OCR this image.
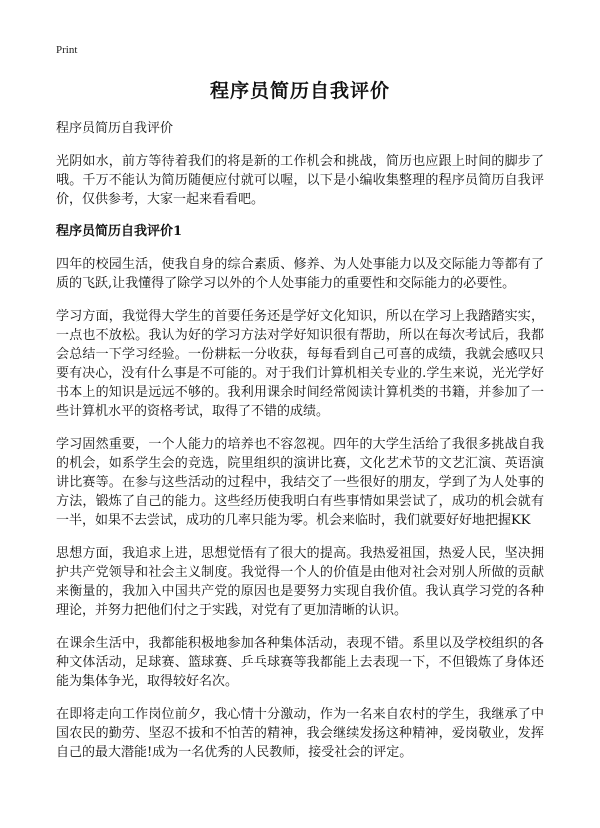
Print
程序员简历自我评价

程序员简历自我评价

光阴如水，前方等待着我们的将是新的工作机会和挑战，简历也应跟上时间的脚步了哦。千万不能认为简历随便应付就可以喔，以下是小编收集整理的程序员简历自我评价，仅供参考，大家一起来看看吧。

程序员简历自我评价1

四年的校园生活，使我自身的综合素质、修养、为人处事能力以及交际能力等都有了质的飞跃,让我懂得了除学习以外的个人处事能力的重要性和交际能力的必要性。

学习方面，我觉得大学生的首要任务还是学好文化知识，所以在学习上我踏踏实实，一点也不放松。我认为好的学习方法对学好知识很有帮助，所以在每次考试后，我都会总结一下学习经验。一份耕耘一分收获，每每看到自己可喜的成绩，我就会感叹只要有决心，没有什么事是不可能的。对于我们计算机相关专业的.学生来说，光光学好书本上的知识是远远不够的。我利用课余时间经常阅读计算机类的书籍，并参加了一些计算机水平的资格考试，取得了不错的成绩。

学习固然重要，一个人能力的培养也不容忽视。四年的大学生活给了我很多挑战自我的机会，如系学生会的竞选，院里组织的演讲比赛，文化艺术节的文艺汇演、英语演讲比赛等。在参与这些活动的过程中，我结交了一些很好的朋友，学到了为人处事的方法，锻炼了自己的能力。这些经历使我明白有些事情如果尝试了，成功的机会就有一半，如果不去尝试，成功的几率只能为零。机会来临时，我们就要好好地把握KK

思想方面，我追求上进，思想觉悟有了很大的提高。我热爱祖国，热爱人民，坚决拥护共产党领导和社会主义制度。我觉得一个人的价值是由他对社会对别人所做的贡献来衡量的，我加入中国共产党的原因也是要努力实现自我价值。我认真学习党的各种理论，并努力把他们付之于实践，对党有了更加清晰的认识。

在课余生活中，我都能积极地参加各种集体活动，表现不错。系里以及学校组织的各种文体活动，足球赛、篮球赛、乒乓球赛等我都能上去表现一下，不但锻炼了身体还能为集体争光，取得较好名次。

在即将走向工作岗位前夕，我心情十分激动，作为一名来自农村的学生，我继承了中国农民的勤劳、坚忍不拔和不怕苦的精神，我会继续发扬这种精神，爱岗敬业，发挥自己的最大潜能!成为一名优秀的人民教师，接受社会的评定。
